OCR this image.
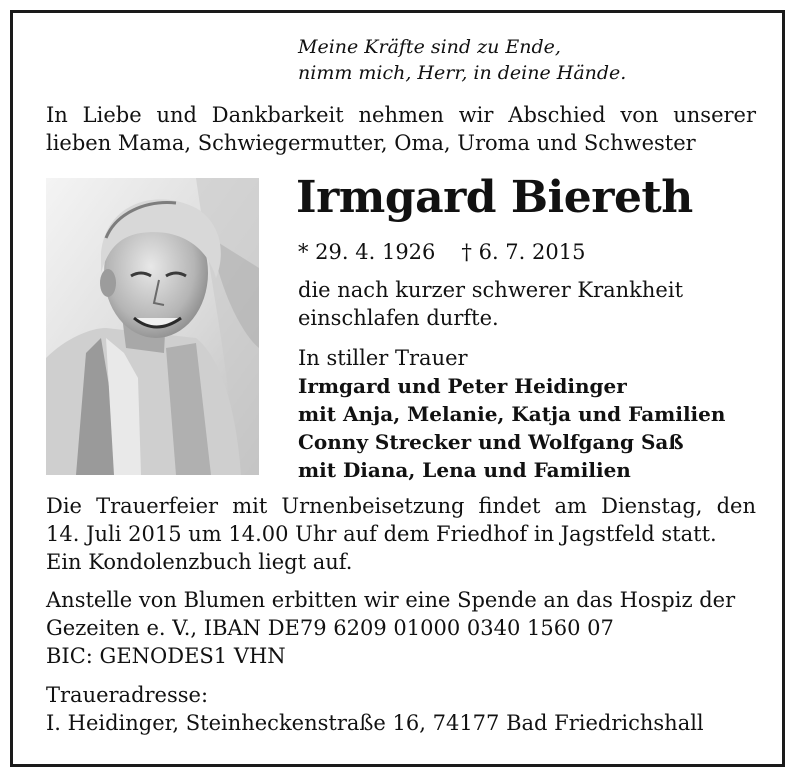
Meine Kräfte sind zu Ende,
nimm mich, Herr, in deine Hände.
In Liebe und Dankbarkeit nehmen wir Abschied von unserer
lieben Mama, Schwiegermutter, Oma, Uroma und Schwester
Irmgard Biereth
* 29. 4. 1926 † 6. 7. 2015
die nach kurzer schwerer Krankheit
einschlafen durfte.
In stiller Trauer
Irmgard und Peter Heidinger
mit Anja, Melanie, Katja und Familien
Conny Strecker und Wolfgang Saß
mit Diana, Lena und Familien
Die Trauerfeier mit Urnenbeisetzung findet am Dienstag, den
14. Juli 2015 um 14.00 Uhr auf dem Friedhof in Jagstfeld statt.
Ein Kondolenzbuch liegt auf.
Anstelle von Blumen erbitten wir eine Spende an das Hospiz der
Gezeiten e. V., IBAN DE79 6209 01000 0340 1560 07
BIC: GENODES1 VHN
Traueradresse:
I. Heidinger, Steinheckenstraße 16, 74177 Bad Friedrichshall
